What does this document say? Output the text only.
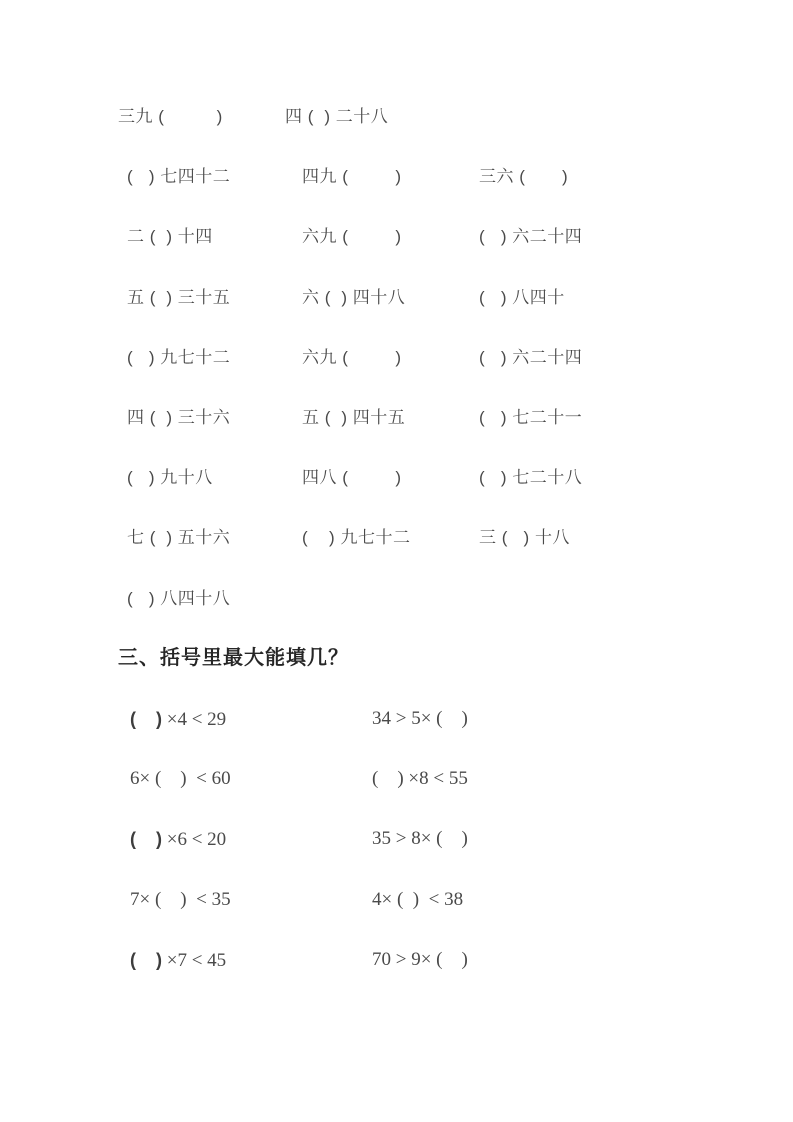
三九 (          )	四 (  ) 二十八
(   ) 七四十二	四九 (         )	三六 (       )
二 (  ) 十四	六九 (         )	(   ) 六二十四
五 (  ) 三十五	六 (  ) 四十八	(   ) 八四十
(   ) 九七十二	六九 (         )	(   ) 六二十四
四 (  ) 三十六	五 (  ) 四十五	(   ) 七二十一
(   ) 九十八	四八 (         )	(   ) 七二十八
七 (  ) 五十六	(    ) 九七十二	三 (   ) 十八
(   ) 八四十八
三、括号里最大能填几？
(    ) ×4 < 29	34 > 5× (    )
6× (    )  < 60	(    ) ×8 < 55
(    ) ×6 < 20	35 > 8× (    )
7× (    )  < 35	4× (  )  < 38
(    ) ×7 < 45	70 > 9× (    )
